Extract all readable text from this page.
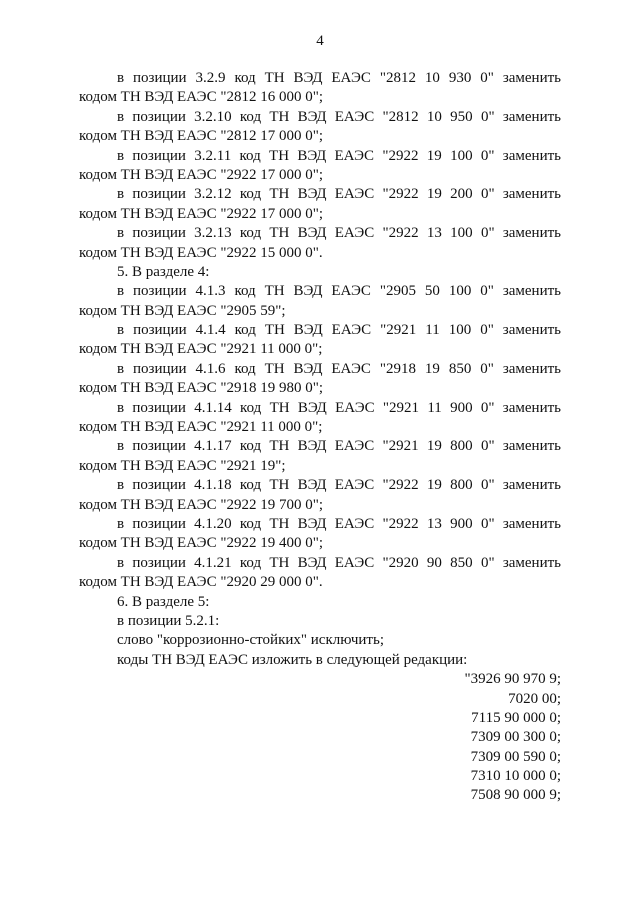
4
в позиции 3.2.9 код ТН ВЭД ЕАЭС "2812 10 930 0" заменить
кодом ТН ВЭД ЕАЭС "2812 16 000 0";
в позиции 3.2.10 код ТН ВЭД ЕАЭС "2812 10 950 0" заменить
кодом ТН ВЭД ЕАЭС "2812 17 000 0";
в позиции 3.2.11 код ТН ВЭД ЕАЭС "2922 19 100 0" заменить
кодом ТН ВЭД ЕАЭС "2922 17 000 0";
в позиции 3.2.12 код ТН ВЭД ЕАЭС "2922 19 200 0" заменить
кодом ТН ВЭД ЕАЭС "2922 17 000 0";
в позиции 3.2.13 код ТН ВЭД ЕАЭС "2922 13 100 0" заменить
кодом ТН ВЭД ЕАЭС "2922 15 000 0".
5. В разделе 4:
в позиции 4.1.3 код ТН ВЭД ЕАЭС "2905 50 100 0" заменить
кодом ТН ВЭД ЕАЭС "2905 59";
в позиции 4.1.4 код ТН ВЭД ЕАЭС "2921 11 100 0" заменить
кодом ТН ВЭД ЕАЭС "2921 11 000 0";
в позиции 4.1.6 код ТН ВЭД ЕАЭС "2918 19 850 0" заменить
кодом ТН ВЭД ЕАЭС "2918 19 980 0";
в позиции 4.1.14 код ТН ВЭД ЕАЭС "2921 11 900 0" заменить
кодом ТН ВЭД ЕАЭС "2921 11 000 0";
в позиции 4.1.17 код ТН ВЭД ЕАЭС "2921 19 800 0" заменить
кодом ТН ВЭД ЕАЭС "2921 19";
в позиции 4.1.18 код ТН ВЭД ЕАЭС "2922 19 800 0" заменить
кодом ТН ВЭД ЕАЭС "2922 19 700 0";
в позиции 4.1.20 код ТН ВЭД ЕАЭС "2922 13 900 0" заменить
кодом ТН ВЭД ЕАЭС "2922 19 400 0";
в позиции 4.1.21 код ТН ВЭД ЕАЭС "2920 90 850 0" заменить
кодом ТН ВЭД ЕАЭС "2920 29 000 0".
6. В разделе 5:
в позиции 5.2.1:
слово "коррозионно-стойких" исключить;
коды ТН ВЭД ЕАЭС изложить в следующей редакции:
"3926 90 970 9;
7020 00;
7115 90 000 0;
7309 00 300 0;
7309 00 590 0;
7310 10 000 0;
7508 90 000 9;
